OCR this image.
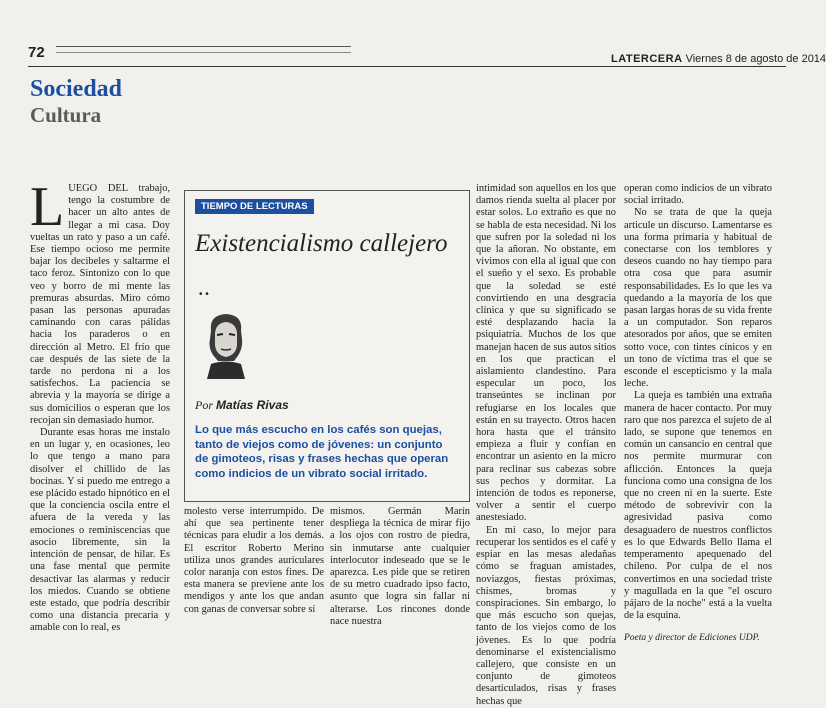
72	LATERCERA Viernes 8 de agosto de 2014
Sociedad
Cultura

L UEGO DEL trabajo, tengo la costumbre de hacer un alto antes de llegar a mi casa. Doy vueltas un rato y paso a un café. Ese tiempo ocioso me permite bajar los decibeles y saltarme el taco feroz. Sintonizo con lo que veo y borro de mi mente las premuras absurdas. Miro cómo pasan las personas apuradas caminando con caras pálidas hacia los paraderos o en dirección al Metro. El frío que cae después de las siete de la tarde no perdona ni a los satisfechos. La paciencia se abrevia y la mayoría se dirige a sus domicilios o esperan que los recojan sin demasiado humor.

Durante esas horas me instalo en un lugar y, en ocasiones, leo lo que tengo a mano para disolver el chillido de las bocinas. Y si puedo me entrego a ese plácido estado hipnótico en el que la conciencia oscila entre el afuera de la vereda y las emociones o reminiscencias que asocio libremente, sin la intención de pensar, de hilar. Es una fase mental que permite desactivar las alarmas y reducir los miedos. Cuando se obtiene este estado, que podría describir como una distancia precaria y amable con lo real, es

TIEMPO DE LECTURAS
Existencialismo callejero
• •
Por Matías Rivas
Lo que más escucho en los cafés son quejas, tanto de viejos como de jóvenes: un conjunto de gimoteos, risas y frases hechas que operan como indicios de un vibrato social irritado.

molesto verse interrumpido. De ahí que sea pertinente tener técnicas para eludir a los demás. El escritor Roberto Merino utiliza unos grandes auriculares color naranja con estos fines. De esta manera se previene ante los mendigos y ante los que andan con ganas de conversar sobre sí

mismos. Germán Marín despliega la técnica de mirar fijo a los ojos con rostro de piedra, sin inmutarse ante cualquier interlocutor indeseado que se le aparezca. Les pide que se retiren de su metro cuadrado ipso facto, asunto que logra sin fallar ni alterarse. Los rincones donde nace nuestra

intimidad son aquellos en los que damos rienda suelta al placer por estar solos. Lo extraño es que no se habla de esta necesidad. Ni los que sufren por la soledad ni los que la añoran. No obstante, em vivimos con ella al igual que con el sueño y el sexo. Es probable que la soledad se esté convirtiendo en una desgracia clínica y que su significado se esté desplazando hacia la psiquiatría. Muchos de los que manejan hacen de sus autos sitios en los que practican el aislamiento clandestino. Para especular un poco, los transeúntes se inclinan por refugiarse en los locales que están en su trayecto. Otros hacen hora hasta que el tránsito empieza a fluir y confían en encontrar un asiento en la micro para reclinar sus cabezas sobre sus pechos y dormitar. La intención de todos es reponerse, volver a sentir el cuerpo anestesiado.

En mi caso, lo mejor para recuperar los sentidos es el café y espiar en las mesas aledañas cómo se fraguan amistades, noviazgos, fiestas próximas, chismes, bromas y conspiraciones. Sin embargo, lo que más escucho son quejas, tanto de los viejos como de los jóvenes. Es lo que podría denominarse el existencialismo callejero, que consiste en un conjunto de gimoteos desarticulados, risas y frases hechas que

operan como indicios de un vibrato social irritado.

No se trata de que la queja articule un discurso. Lamentarse es una forma primaria y habitual de conectarse con los temblores y deseos cuando no hay tiempo para otra cosa que para asumir responsabilidades. Es lo que les va quedando a la mayoría de los que pasan largas horas de su vida frente a un computador. Son reparos atesorados por años, que se emiten sotto voce, con tintes cínicos y en un tono de víctima tras el que se esconde el escepticismo y la mala leche.

La queja es también una extraña manera de hacer contacto. Por muy raro que nos parezca el sujeto de al lado, se supone que tenemos en común un cansancio en central que nos permite murmurar con aflicción. Entonces la queja funciona como una consigna de los que no creen ni en la suerte. Este método de sobrevivir con la agresividad pasiva como desaguadero de nuestros conflictos es lo que Edwards Bello llama el temperamento apequenado del chileno. Por culpa de el nos convertimos en una sociedad triste y magullada en la que "el oscuro pájaro de la noche" está a la vuelta de la esquina.

Poeta y director de Ediciones UDP.
